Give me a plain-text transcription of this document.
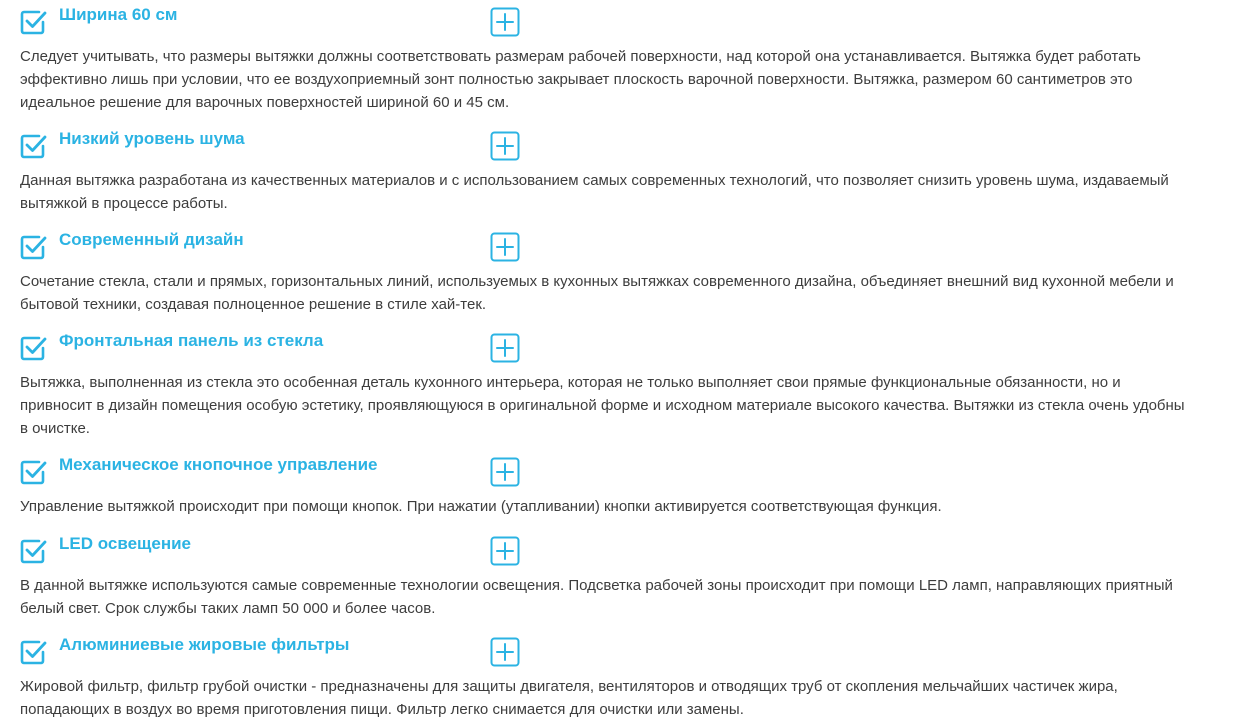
Ширина 60 см
Следует учитывать, что размеры вытяжки должны соответствовать размерам рабочей поверхности, над которой она устанавливается. Вытяжка будет работать
эффективно лишь при условии, что ее воздухоприемный зонт полностью закрывает плоскость варочной поверхности. Вытяжка, размером 60 сантиметров это
идеальное решение для варочных поверхностей шириной 60 и 45 см.
Низкий уровень шума
Данная вытяжка разработана из качественных материалов и с использованием самых современных технологий, что позволяет снизить уровень шума, издаваемый
вытяжкой в процессе работы.
Современный дизайн
Сочетание стекла, стали и прямых, горизонтальных линий, используемых в кухонных вытяжках современного дизайна, объединяет внешний вид кухонной мебели и
бытовой техники, создавая полноценное решение в стиле хай-тек.
Фронтальная панель из стекла
Вытяжка, выполненная из стекла это особенная деталь кухонного интерьера, которая не только выполняет свои прямые функциональные обязанности, но и
привносит в дизайн помещения особую эстетику, проявляющуюся в оригинальной форме и исходном материале высокого качества. Вытяжки из стекла очень удобны
в очистке.
Механическое кнопочное управление
Управление вытяжкой происходит при помощи кнопок. При нажатии (утапливании) кнопки активируется соответствующая функция.
LED освещение
В данной вытяжке используются самые современные технологии освещения. Подсветка рабочей зоны происходит при помощи LED ламп, направляющих приятный
белый свет. Срок службы таких ламп 50 000 и более часов.
Алюминиевые жировые фильтры
Жировой фильтр, фильтр грубой очистки - предназначены для защиты двигателя, вентиляторов и отводящих труб от скопления мельчайших частичек жира,
попадающих в воздух во время приготовления пищи. Фильтр легко снимается для очистки или замены.
